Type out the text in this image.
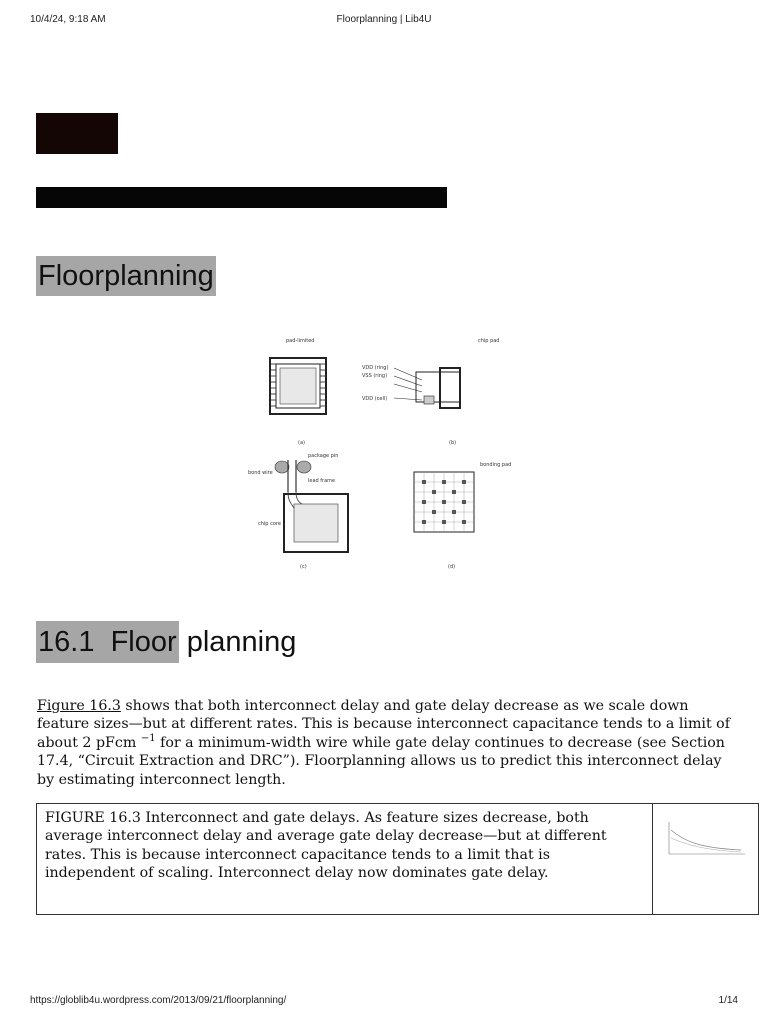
10/4/24, 9:18 AM	Floorplanning | Lib4U
Floorplanning
pad-limited
(a)
VDD (ring)
VSS (ring)
VDD (cell)
chip pad
(b)
package pin
lead frame
bond wire
chip core
(c)
bonding pad
(d)
16.1 Floor planning
Figure 16.3 shows that both interconnect delay and gate delay decrease as we scale down feature sizes—but at different rates. This is because interconnect capacitance tends to a limit of about 2 pFcm $^{-1}$ for a minimum-width wire while gate delay continues to decrease (see Section 17.4, “Circuit Extraction and DRC”). Floorplanning allows us to predict this interconnect delay by estimating interconnect length.
FIGURE 16.3 Interconnect and gate delays. As feature sizes decrease, both average interconnect delay and average gate delay decrease—but at different rates. This is because interconnect capacitance tends to a limit that is independent of scaling. Interconnect delay now dominates gate delay.
https://globlib4u.wordpress.com/2013/09/21/floorplanning/	1/14
